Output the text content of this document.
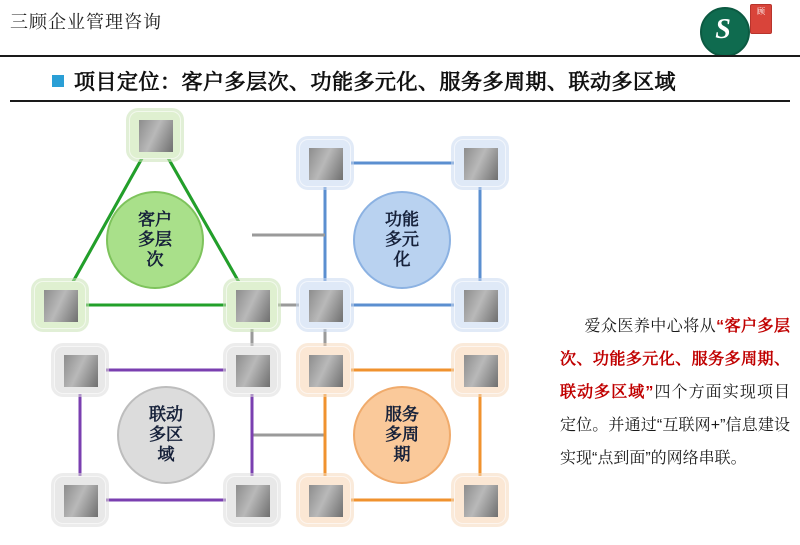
三顾企业管理咨询	S
顾
项目定位：客户多层次、功能多元化、服务多周期、联动多区域
客户
多层
次
功能
多元
化
联动
多区
域
服务
多周
期
爱众医养中心将从“客户多层次、功能多元化、服务多周期、联动多区域”四个方面实现项目定位。并通过“互联网+”信息建设实现“点到面”的网络串联。
